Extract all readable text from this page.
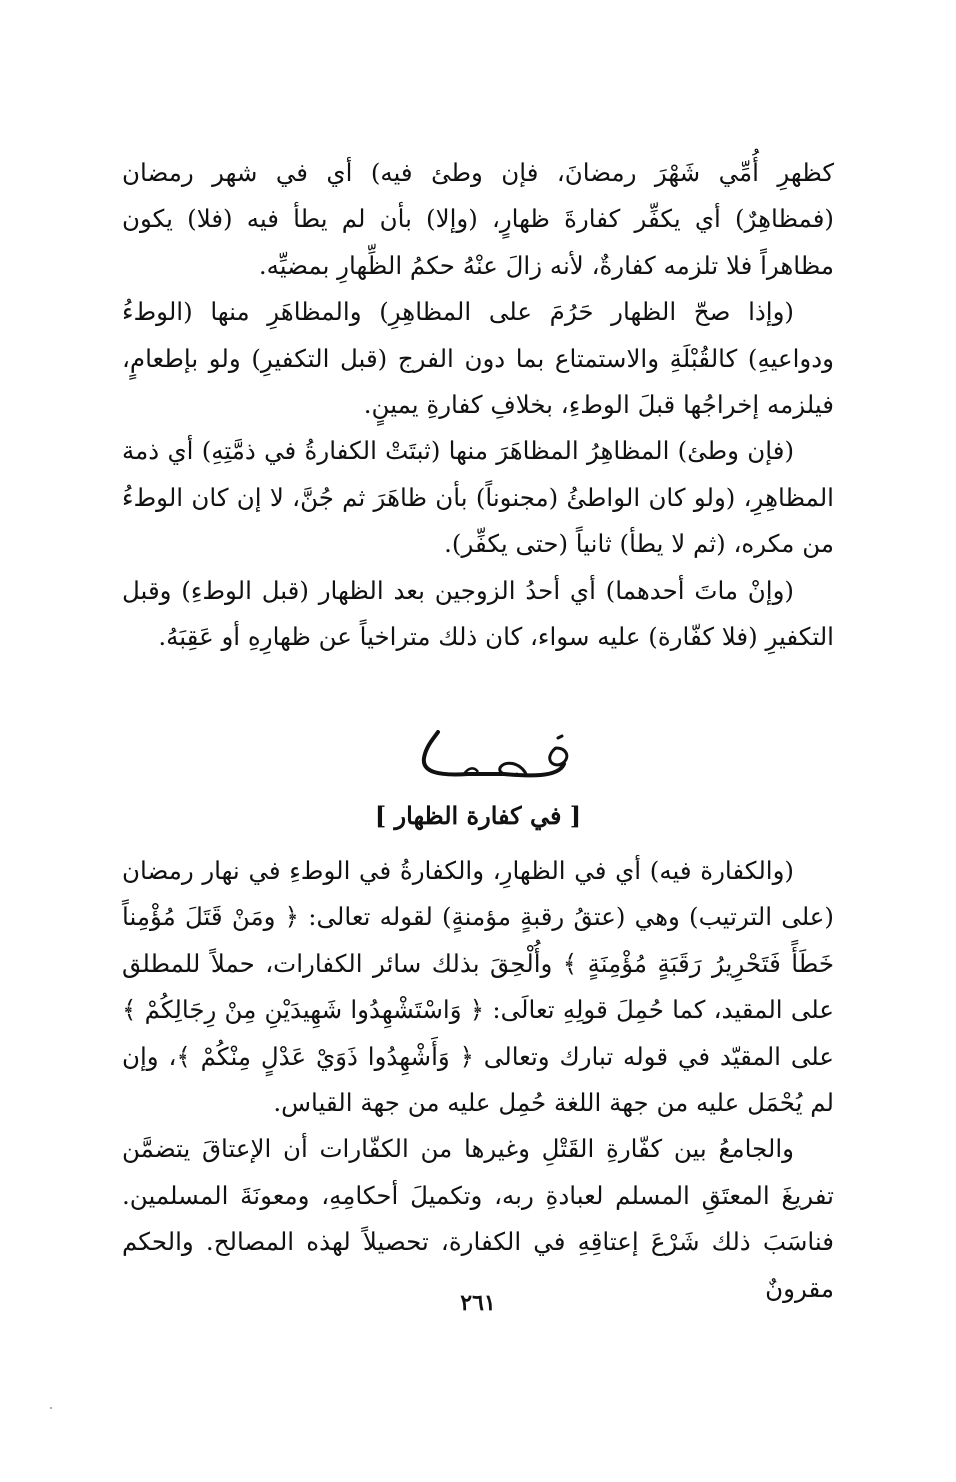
كظهرِ أُمِّي شَهْرَ رمضانَ، فإن وطئ فيه) أي في شهر رمضان (فمظاهِرٌ) أي يكفِّر كفارةَ ظهارٍ، (وإلا) بأن لم يطأ فيه (فلا) يكون مظاهراً فلا تلزمه كفارةٌ، لأنه زالَ عنْهُ حكمُ الظِّهارِ بمضيِّه.

(وإذا صحّ الظهار حَرُمَ على المظاهِرِ) والمظاهَرِ منها (الوطءُ ودواعيهِ) كالقُبْلَةِ والاستمتاع بما دون الفرج (قبل التكفيرِ) ولو بإطعامٍ، فيلزمه إخراجُها قبلَ الوطءِ، بخلافِ كفارةِ يمينٍ.

(فإن وطئ) المظاهِرُ المظاهَرَ منها (ثبتَتْ الكفارةُ في ذمَّتِهِ) أي ذمة المظاهِرِ، (ولو كان الواطئُ (مجنوناً) بأن ظاهَرَ ثم جُنَّ، لا إن كان الوطءُ من مكره، (ثم لا يطأ) ثانياً (حتى يكفِّر).

(وإنْ ماتَ أحدهما) أي أحدُ الزوجين بعد الظهار (قبل الوطءِ) وقبل التكفيرِ (فلا كفّارة) عليه سواء، كان ذلك متراخياً عن ظهارِهِ أو عَقِبَهُ.

[ في كفارة الظهار ]

(والكفارة فيه) أي في الظهارِ، والكفارةُ في الوطءِ في نهار رمضان (على الترتيب) وهي (عتقُ رقبةٍ مؤمنةٍ) لقوله تعالى: ﴿ ومَنْ قَتَلَ مُؤْمِناً خَطَأً فَتَحْرِيرُ رَقَبَةٍ مُؤْمِنَةٍ ﴾ وأُلْحِقَ بذلك سائر الكفارات، حملاً للمطلق على المقيد، كما حُمِلَ قولِهِ تعالَى: ﴿ وَاسْتَشْهِدُوا شَهِيدَيْنِ مِنْ رِجَالِكُمْ ﴾ على المقيّد في قوله تبارك وتعالى ﴿ وَأَشْهِدُوا ذَوَيْ عَدْلٍ مِنْكُمْ ﴾، وإن لم يُحْمَل عليه من جهة اللغة حُمِل عليه من جهة القياس.

والجامعُ بين كفّارةِ القَتْلِ وغيرها من الكفّارات أن الإعتاقَ يتضمَّن تفريغَ المعتَقِ المسلم لعبادةِ ربه، وتكميلَ أحكامِهِ، ومعونَةَ المسلمين. فناسَبَ ذلك شَرْعَ إعتاقِهِ في الكفارة، تحصيلاً لهذه المصالح. والحكم مقرونٌ

٢٦١
